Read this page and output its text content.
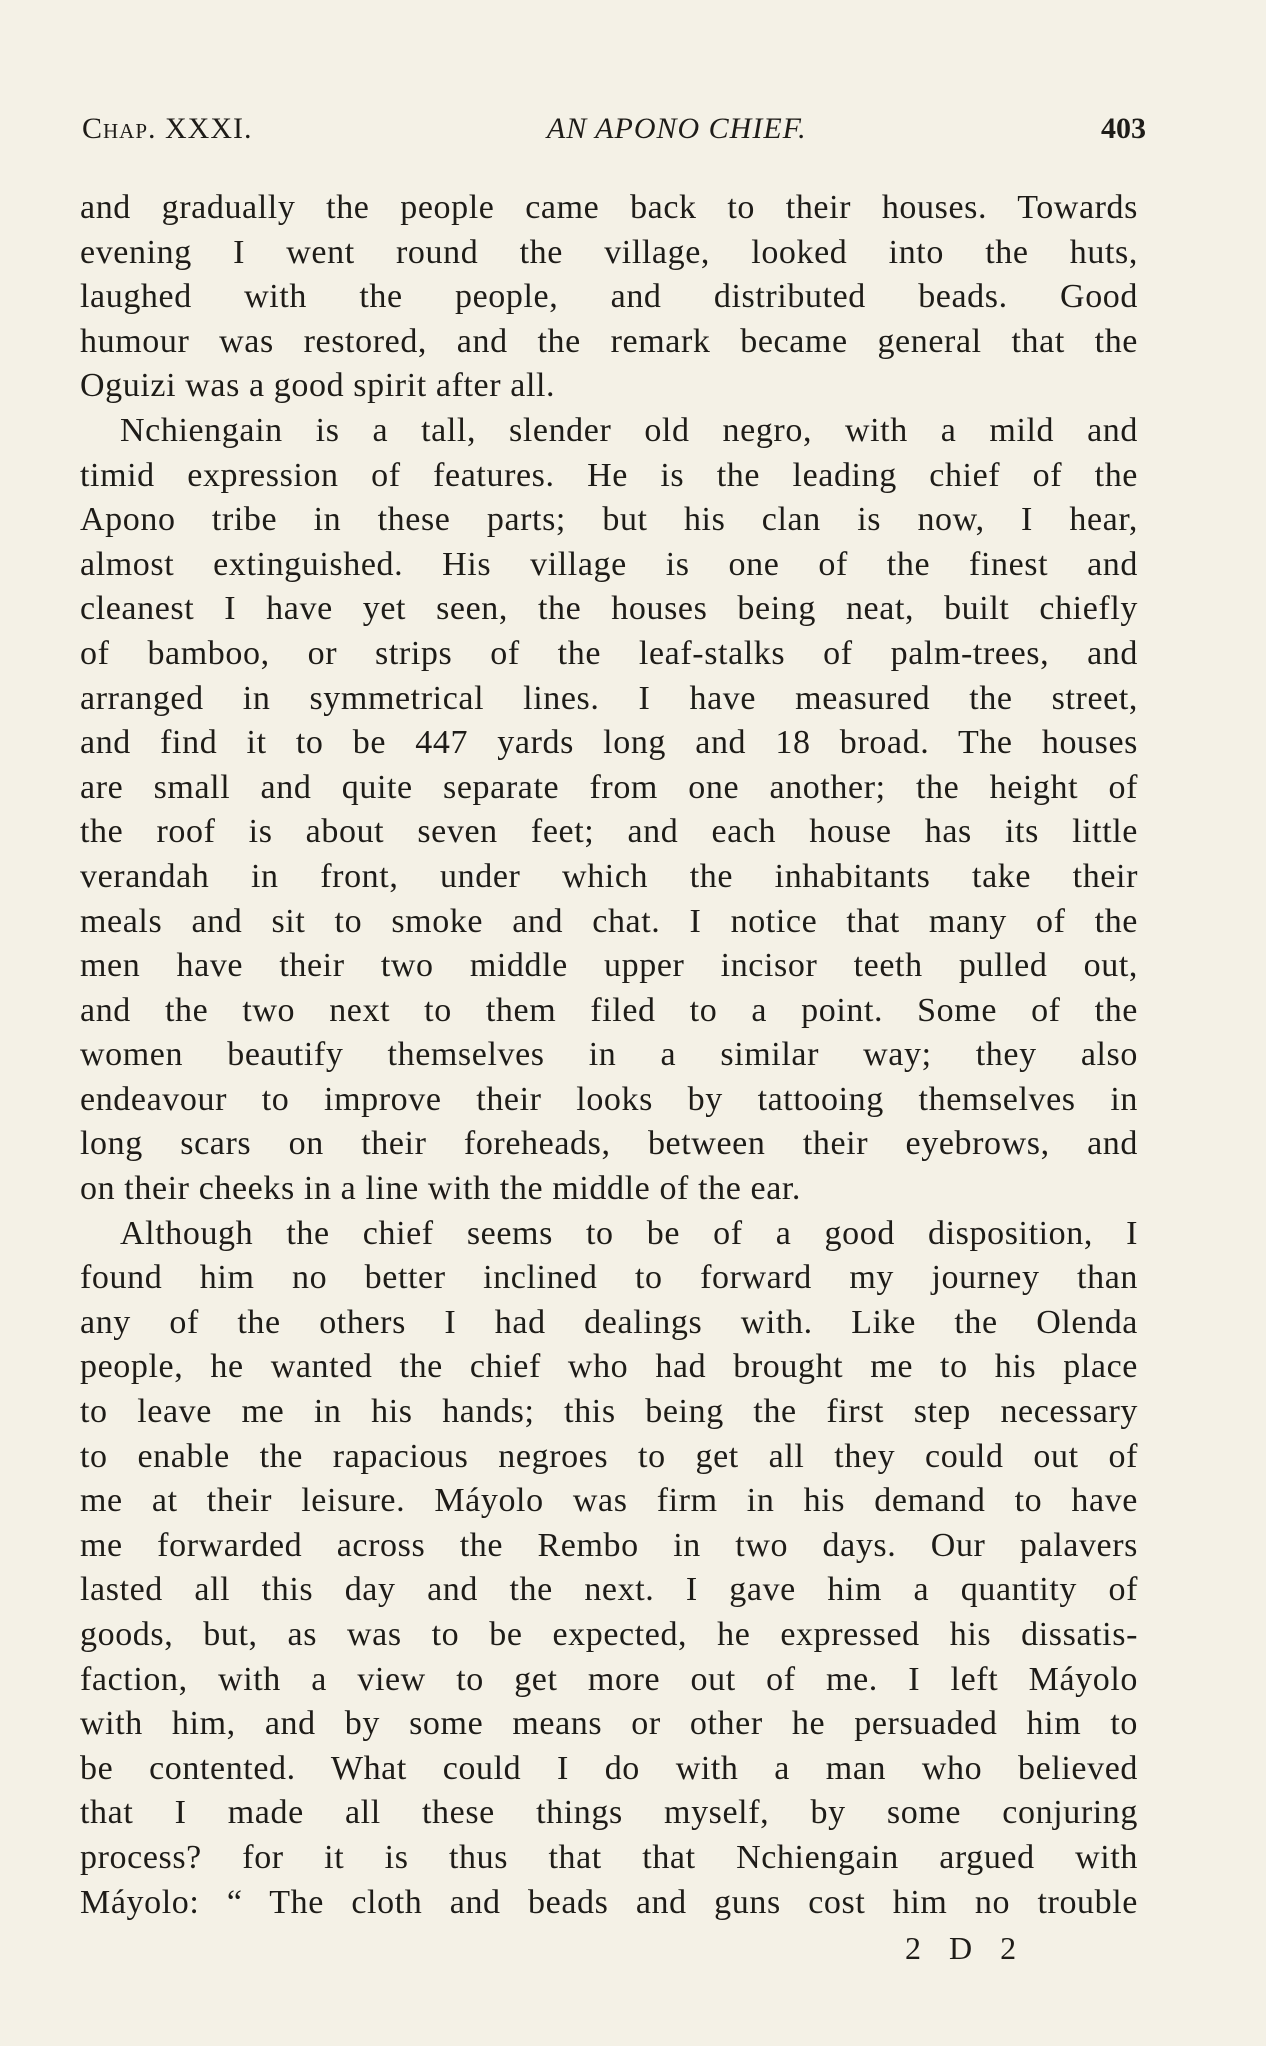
Chap. XXXI.	AN APONO CHIEF.	403
and gradually the people came back to their houses. Towards
evening I went round the village, looked into the huts,
laughed with the people, and distributed beads. Good
humour was restored, and the remark became general that the
Oguizi was a good spirit after all.
Nchiengain is a tall, slender old negro, with a mild and
timid expression of features. He is the leading chief of the
Apono tribe in these parts; but his clan is now, I hear,
almost extinguished. His village is one of the finest and
cleanest I have yet seen, the houses being neat, built chiefly
of bamboo, or strips of the leaf-stalks of palm-trees, and
arranged in symmetrical lines. I have measured the street,
and find it to be 447 yards long and 18 broad. The houses
are small and quite separate from one another; the height of
the roof is about seven feet; and each house has its little
verandah in front, under which the inhabitants take their
meals and sit to smoke and chat. I notice that many of the
men have their two middle upper incisor teeth pulled out,
and the two next to them filed to a point. Some of the
women beautify themselves in a similar way; they also
endeavour to improve their looks by tattooing themselves in
long scars on their foreheads, between their eyebrows, and
on their cheeks in a line with the middle of the ear.
Although the chief seems to be of a good disposition, I
found him no better inclined to forward my journey than
any of the others I had dealings with. Like the Olenda
people, he wanted the chief who had brought me to his place
to leave me in his hands; this being the first step necessary
to enable the rapacious negroes to get all they could out of
me at their leisure. Máyolo was firm in his demand to have
me forwarded across the Rembo in two days. Our palavers
lasted all this day and the next. I gave him a quantity of
goods, but, as was to be expected, he expressed his dissatis-
faction, with a view to get more out of me. I left Máyolo
with him, and by some means or other he persuaded him to
be contented. What could I do with a man who believed
that I made all these things myself, by some conjuring
process? for it is thus that that Nchiengain argued with
Máyolo: “ The cloth and beads and guns cost him no trouble
2 D 2
